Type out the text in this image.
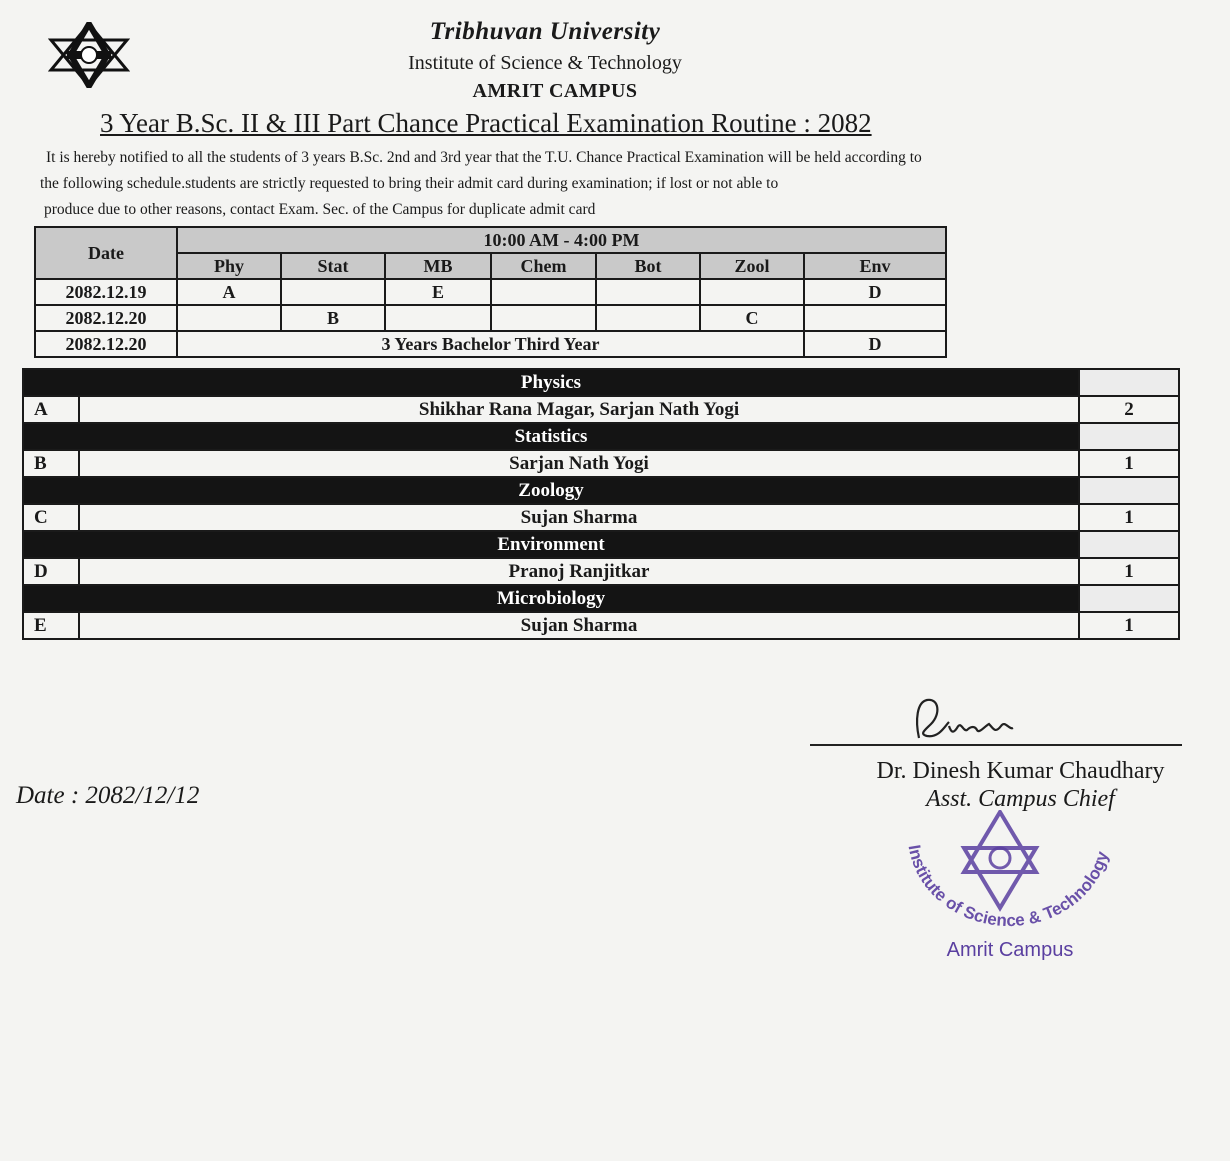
Tribhuvan University
Institute of Science & Technology
AMRIT CAMPUS
3 Year B.Sc. II & III Part Chance Practical Examination Routine : 2082
It is hereby notified to all the students of 3 years B.Sc. 2nd and 3rd year that the T.U. Chance Practical Examination will be held according to
the following schedule.students are strictly requested to bring their admit card during examination; if lost or not able to
produce due to other reasons, contact Exam. Sec. of the Campus for duplicate admit card
Date	10:00 AM - 4:00 PM						
	Phy	Stat	MB	Chem	Bot	Zool	Env
2082.12.19	A		E				D
2082.12.20		B				C	
2082.12.20	3 Years Bachelor Third Year						D
Physics		
A	Shikhar Rana Magar, Sarjan Nath Yogi	2
Statistics		
B	Sarjan Nath Yogi	1
Zoology		
C	Sujan Sharma	1
Environment		
D	Pranoj Ranjitkar	1
Microbiology		
E	Sujan Sharma	1
Dr. Dinesh Kumar Chaudhary
Asst. Campus Chief
Date : 2082/12/12
Institute of Science & Technology
Amrit Campus
